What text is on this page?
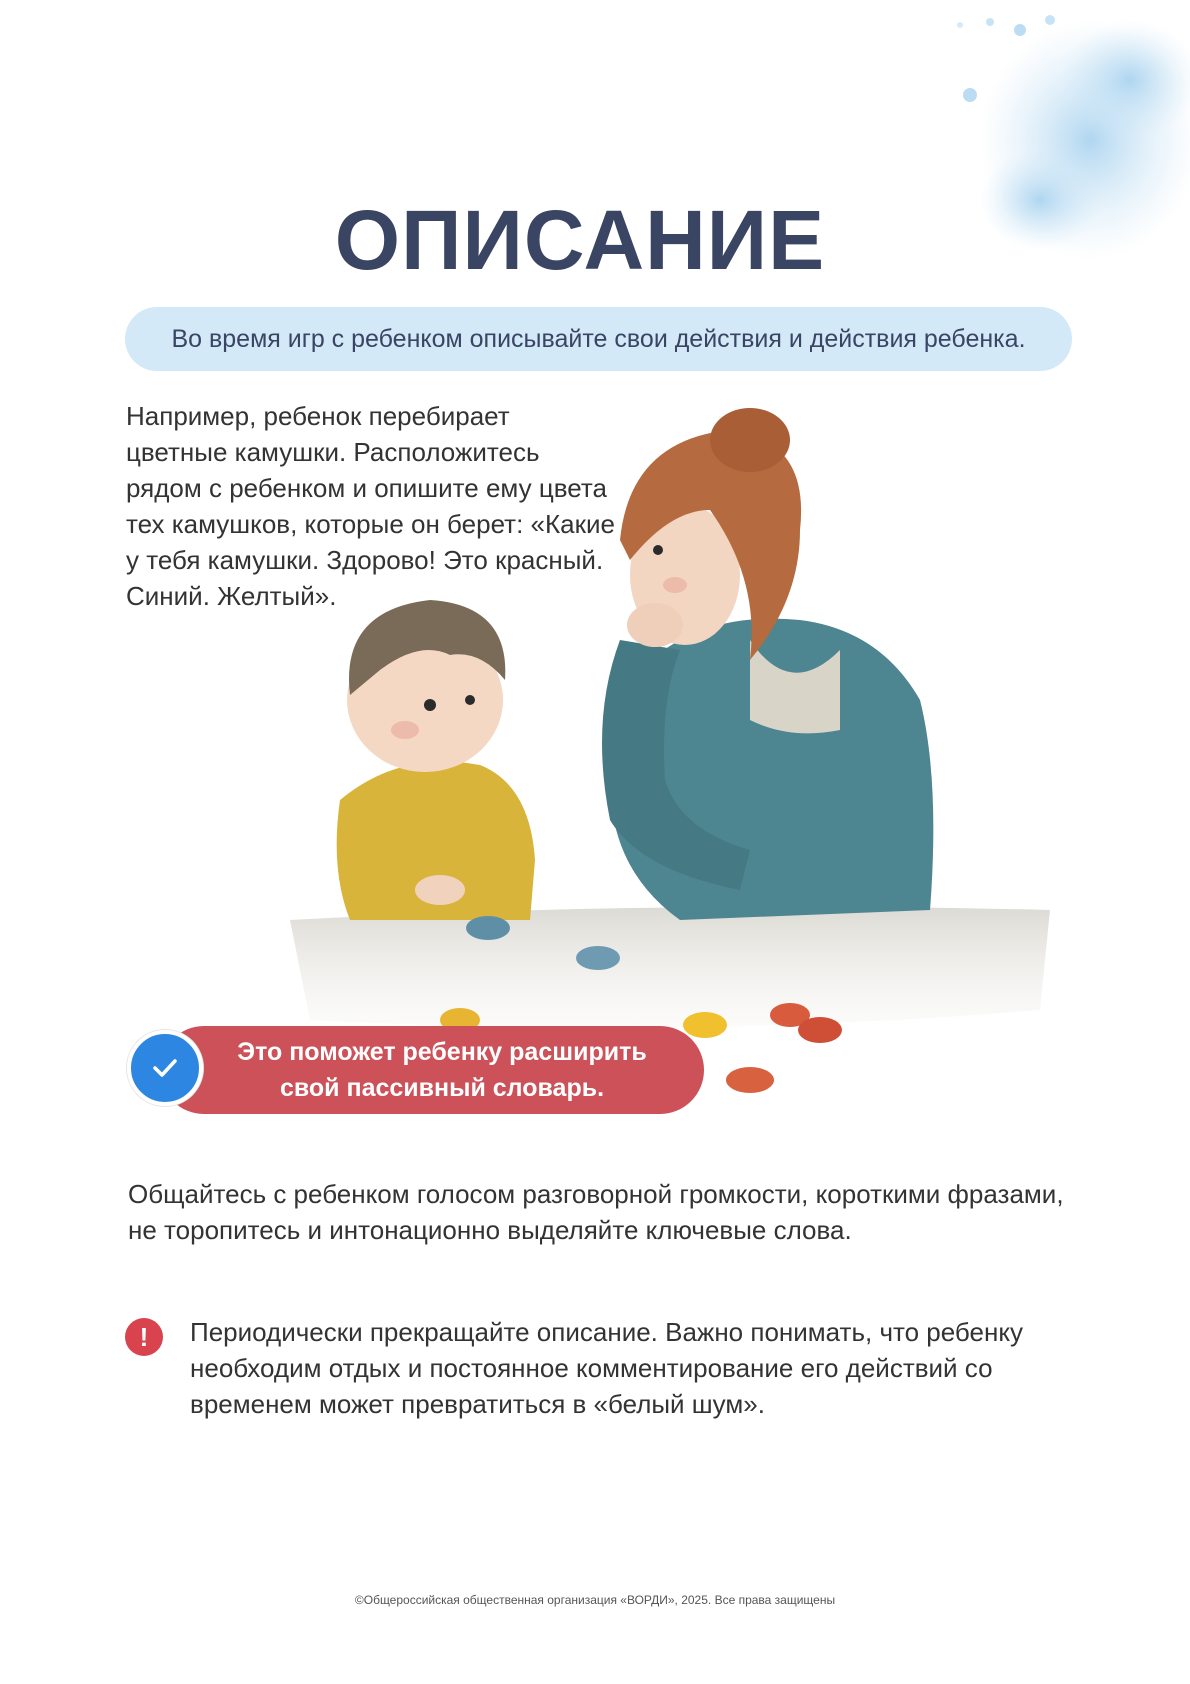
ОПИСАНИЕ
Во время игр с ребенком описывайте свои действия и действия ребенка.

Например, ребенок перебирает цветные камушки. Расположитесь рядом с ребенком и опишите ему цвета тех камушков, которые он берет: «Какие у тебя камушки. Здорово! Это красный. Синий. Желтый».

Это поможет ребенку расширить
свой пассивный словарь.

Общайтесь с ребенком голосом разговорной громкости, короткими фразами, не торопитесь и интонационно выделяйте ключевые слова.

! Периодически прекращайте описание. Важно понимать, что ребенку необходим отдых и постоянное комментирование его действий со временем может превратиться в «белый шум».

©Общероссийская общественная организация «ВОРДИ», 2025. Все права защищены
